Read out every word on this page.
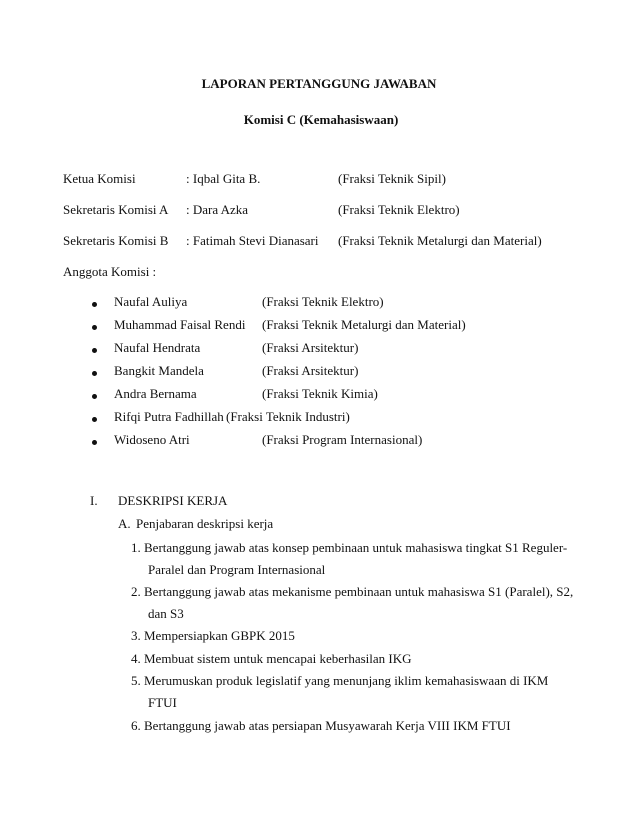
LAPORAN PERTANGGUNG JAWABAN
Komisi C (Kemahasiswaan)
Ketua Komisi	: Iqbal Gita B.	(Fraksi Teknik Sipil)
Sekretaris Komisi A : Dara Azka	(Fraksi Teknik Elektro)
Sekretaris Komisi B : Fatimah Stevi Dianasari (Fraksi Teknik Metalurgi dan Material)
Anggota Komisi :
Naufal Auliya	(Fraksi Teknik Elektro)
Muhammad Faisal Rendi (Fraksi Teknik Metalurgi dan Material)
Naufal Hendrata	(Fraksi Arsitektur)
Bangkit Mandela	(Fraksi Arsitektur)
Andra Bernama	(Fraksi Teknik Kimia)
Rifqi Putra Fadhillah (Fraksi Teknik Industri)
Widoseno Atri	(Fraksi Program Internasional)
I. DESKRIPSI KERJA
A. Penjabaran deskripsi kerja
1. Bertanggung jawab atas konsep pembinaan untuk mahasiswa tingkat S1 Reguler-
Paralel dan Program Internasional
2. Bertanggung jawab atas mekanisme pembinaan untuk mahasiswa S1 (Paralel), S2,
dan S3
3. Mempersiapkan GBPK 2015
4. Membuat sistem untuk mencapai keberhasilan IKG
5. Merumuskan produk legislatif yang menunjang iklim kemahasiswaan di IKM
FTUI
6. Bertanggung jawab atas persiapan Musyawarah Kerja VIII IKM FTUI
